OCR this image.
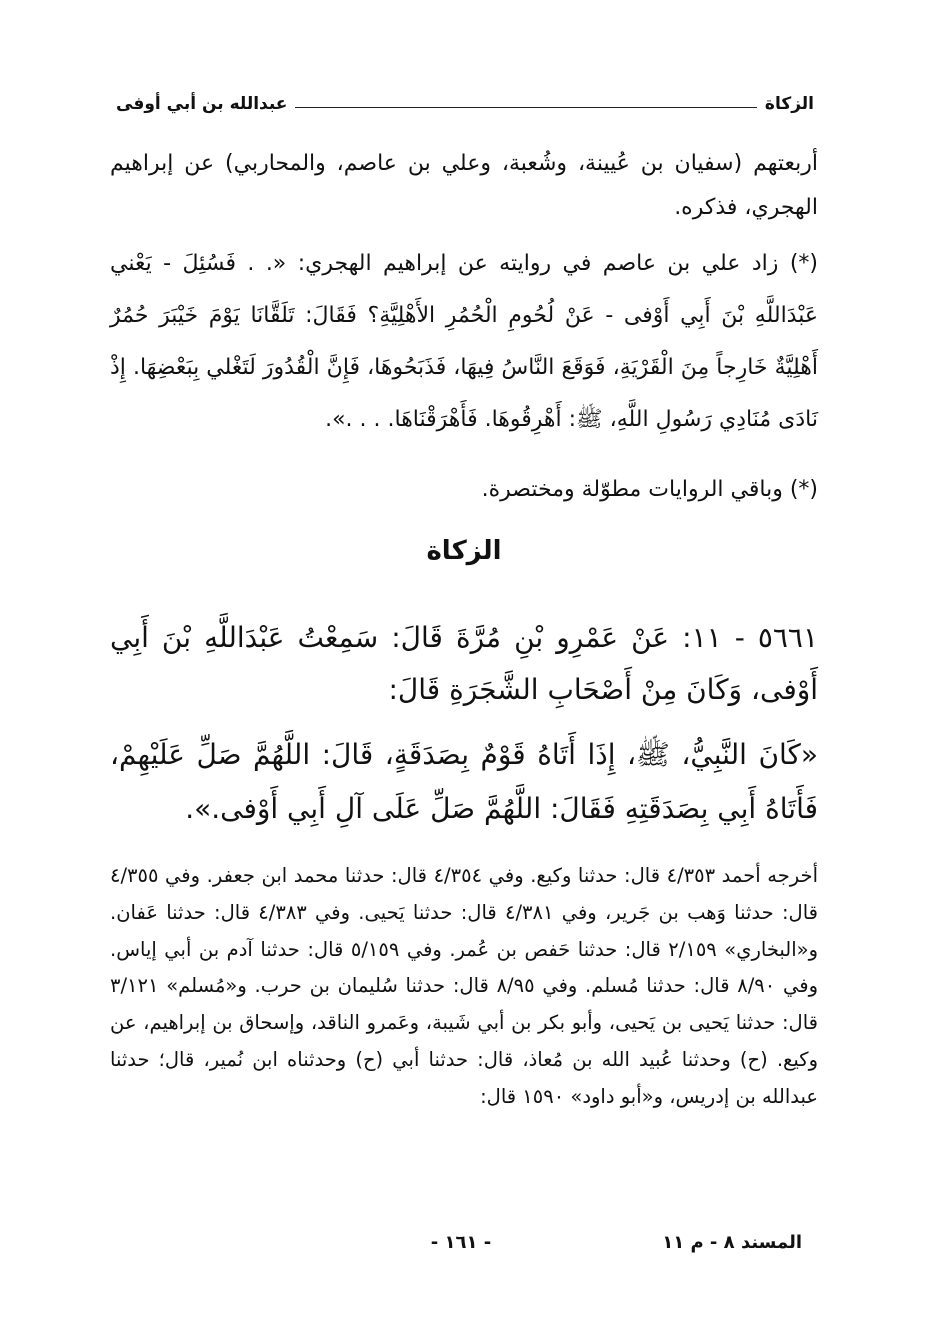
الزكاة
عبدالله بن أبي أوفى
أربعتهم (سفيان بن عُيينة، وشُعبة، وعلي بن عاصم، والمحاربي) عن إبراهيم الهجري، فذكره.
(*) زاد علي بن عاصم في روايته عن إبراهيم الهجري: «. . فَسُئِلَ - يَعْني عَبْدَاللَّهِ بْنَ أَبِي أَوْفى - عَنْ لُحُومِ الْحُمُرِ الأَهْلِيَّةِ؟ فَقَالَ: تَلَقَّانَا يَوْمَ خَيْبَرَ حُمُرٌ أَهْلِيَّةٌ خَارِجاً مِنَ الْقَرْيَةِ، فَوَقَعَ النَّاسُ فِيهَا، فَذَبَحُوهَا، فَإِنَّ الْقُدُورَ لَتَغْلي بِبَعْضِهَا. إِذْ نَادَى مُنَادِي رَسُولِ اللَّهِ، ﷺ: أَهْرِقُوهَا. فَأَهْرَقْنَاهَا. . . .».
(*) وباقي الروايات مطوّلة ومختصرة.
الزكاة
٥٦٦١ - ١١: عَنْ عَمْرِو بْنِ مُرَّةَ قَالَ: سَمِعْتُ عَبْدَاللَّهِ بْنَ أَبِي أَوْفى، وَكَانَ مِنْ أَصْحَابِ الشَّجَرَةِ قَالَ:
«كَانَ النَّبِيُّ، ﷺ، إِذَا أَتَاهُ قَوْمٌ بِصَدَقَةٍ، قَالَ: اللَّهُمَّ صَلِّ عَلَيْهِمْ، فَأَتَاهُ أَبِي بِصَدَقَتِهِ فَقَالَ: اللَّهُمَّ صَلِّ عَلَى آلِ أَبِي أَوْفى.».
أخرجه أحمد ٤/٣٥٣ قال: حدثنا وكيع. وفي ٤/٣٥٤ قال: حدثنا محمد ابن جعفر. وفي ٤/٣٥٥ قال: حدثنا وَهب بن جَرير، وفي ٤/٣٨١ قال: حدثنا يَحيى. وفي ٤/٣٨٣ قال: حدثنا عَفان. و«البخاري» ٢/١٥٩ قال: حدثنا حَفص بن عُمر. وفي ٥/١٥٩ قال: حدثنا آدم بن أبي إياس. وفي ٨/٩٠ قال: حدثنا مُسلم. وفي ٨/٩٥ قال: حدثنا سُليمان بن حرب. و«مُسلم» ٣/١٢١ قال: حدثنا يَحيى بن يَحيى، وأبو بكر بن أبي شَيبة، وعَمرو الناقد، وإسحاق بن إبراهيم، عن وكيع. (ح) وحدثنا عُبيد الله بن مُعاذ، قال: حدثنا أبي (ح) وحدثناه ابن نُمير، قال؛ حدثنا عبدالله بن إدريس، و«أبو داود» ١٥٩٠ قال:
المسند ٨ - م ١١
- ١٦١ -
